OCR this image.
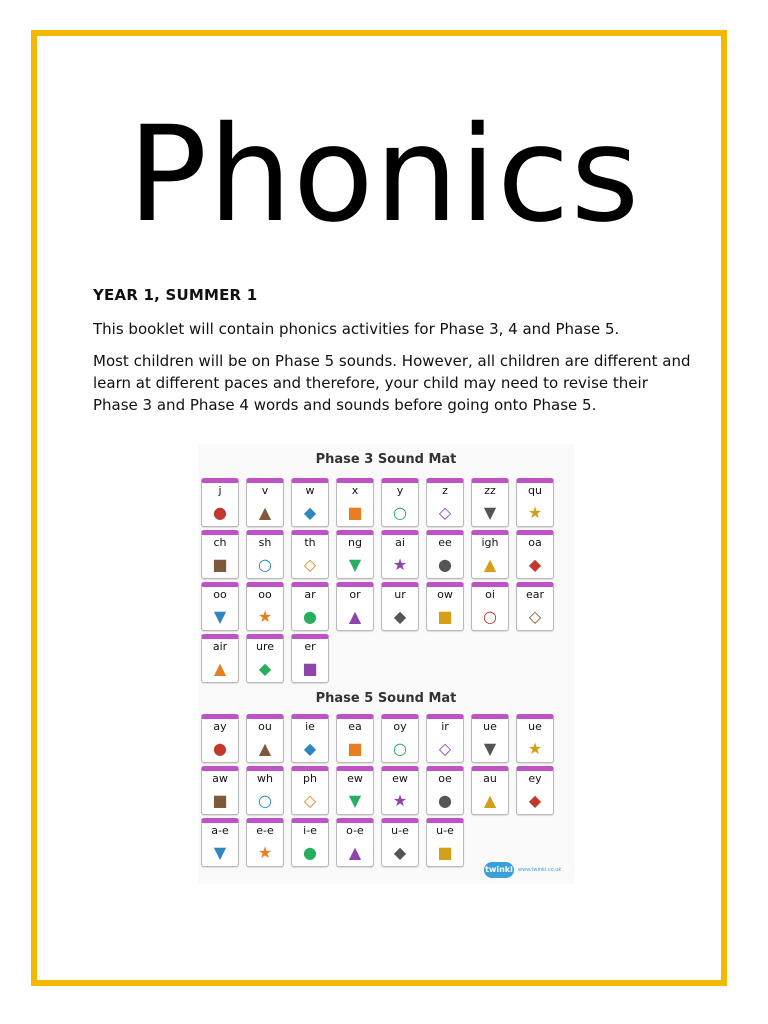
Phonics

YEAR 1, SUMMER 1

This booklet will contain phonics activities for Phase 3, 4 and Phase 5.

Most children will be on Phase 5 sounds. However, all children are different and learn at different paces and therefore, your child may need to revise their Phase 3 and Phase 4 words and sounds before going onto Phase 5.

Phase 3 Sound Mat
Phase 5 Sound Mat
twinkl www.twinkl.co.uk
j
●
v
▲
w
◆
x
■
y
○
z
◇
zz
▼
qu
★
ch
■
sh
○
th
◇
ng
▼
ai
★
ee
●
igh
▲
oa
◆
oo
▼
oo
★
ar
●
or
▲
ur
◆
ow
■
oi
○
ear
◇
air
▲
ure
◆
er
■
ay
●
ou
▲
ie
◆
ea
■
oy
○
ir
◇
ue
▼
ue
★
aw
■
wh
○
ph
◇
ew
▼
ew
★
oe
●
au
▲
ey
◆
a-e
▼
e-e
★
i-e
●
o-e
▲
u-e
◆
u-e
■
